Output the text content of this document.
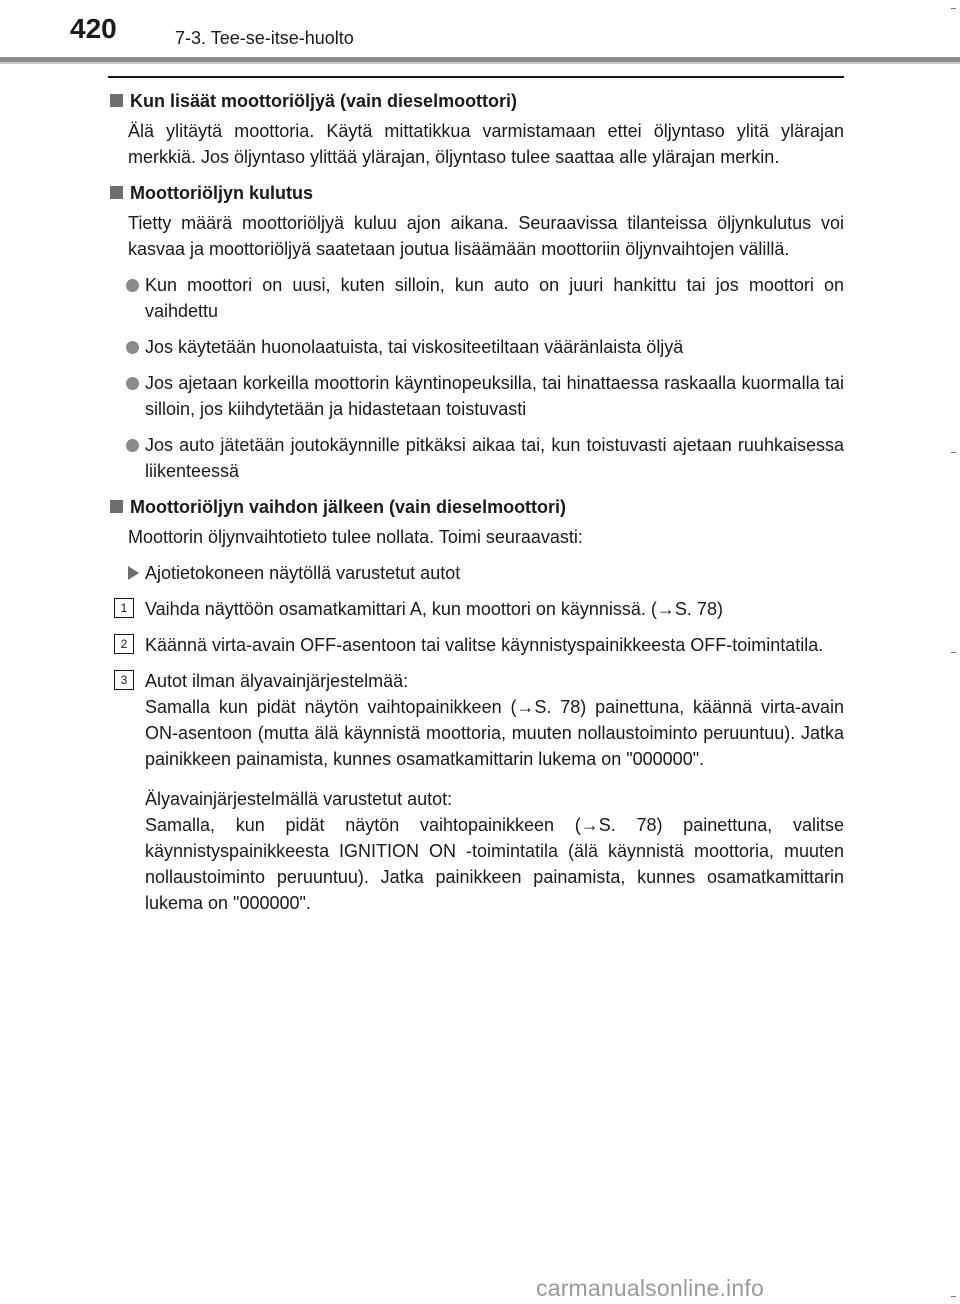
420	7-3. Tee-se-itse-huolto

Kun lisäät moottoriöljyä (vain dieselmoottori)

Älä ylitäytä moottoria. Käytä mittatikkua varmistamaan ettei öljyntaso ylitä ylärajan merkkiä. Jos öljyntaso ylittää ylärajan, öljyntaso tulee saattaa alle ylärajan merkin.

Moottoriöljyn kulutus

Tietty määrä moottoriöljyä kuluu ajon aikana. Seuraavissa tilanteissa öljynkulutus voi kasvaa ja moottoriöljyä saatetaan joutua lisäämään moottoriin öljynvaihtojen välillä.
Kun moottori on uusi, kuten silloin, kun auto on juuri hankittu tai jos moottori on vaihdettu
Jos käytetään huonolaatuista, tai viskositeetiltaan vääränlaista öljyä
Jos ajetaan korkeilla moottorin käyntinopeuksilla, tai hinattaessa raskaalla kuormalla tai silloin, jos kiihdytetään ja hidastetaan toistuvasti
Jos auto jätetään joutokäynnille pitkäksi aikaa tai, kun toistuvasti ajetaan ruuhkaisessa liikenteessä

Moottoriöljyn vaihdon jälkeen (vain dieselmoottori)

Moottorin öljynvaihtotieto tulee nollata. Toimi seuraavasti:
Ajotietokoneen näytöllä varustetut autot
1 Vaihda näyttöön osamatkamittari A, kun moottori on käynnissä. (→S. 78)
2 Käännä virta-avain OFF-asentoon tai valitse käynnistyspainikkeesta OFF-toimintatila.
3 Autot ilman älyavainjärjestelmää:
Samalla kun pidät näytön vaihtopainikkeen (→S. 78) painettuna, käännä virta-avain ON-asentoon (mutta älä käynnistä moottoria, muuten nollaustoiminto peruuntuu). Jatka painikkeen painamista, kunnes osamatkamittarin lukema on "000000".
Älyavainjärjestelmällä varustetut autot:
Samalla, kun pidät näytön vaihtopainikkeen (→S. 78) painettuna, valitse käynnistyspainikkeesta IGNITION ON -toimintatila (älä käynnistä moottoria, muuten nollaustoiminto peruuntuu). Jatka painikkeen painamista, kunnes osamatkamittarin lukema on "000000".
carmanualsonline.info
